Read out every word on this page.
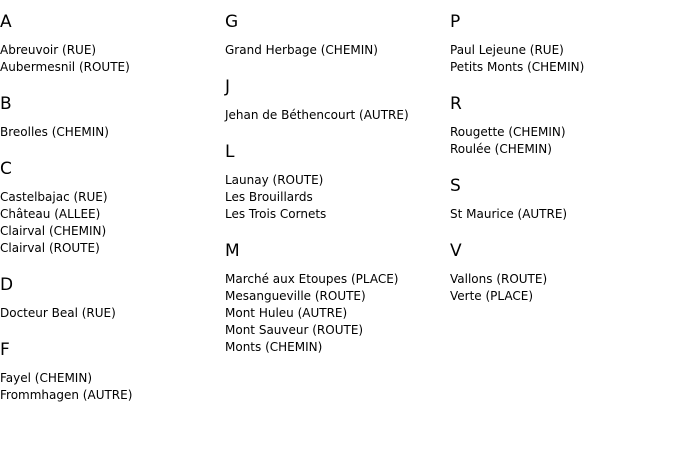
A
Abreuvoir (RUE)
Aubermesnil (ROUTE)
B
Breolles (CHEMIN)
C
Castelbajac (RUE)
Château (ALLEE)
Clairval (CHEMIN)
Clairval (ROUTE)
D
Docteur Beal (RUE)
F
Fayel (CHEMIN)
Frommhagen (AUTRE)
G
Grand Herbage (CHEMIN)
J
Jehan de Béthencourt (AUTRE)
L
Launay (ROUTE)
Les Brouillards
Les Trois Cornets
M
Marché aux Etoupes (PLACE)
Mesangueville (ROUTE)
Mont Huleu (AUTRE)
Mont Sauveur (ROUTE)
Monts (CHEMIN)
P
Paul Lejeune (RUE)
Petits Monts (CHEMIN)
R
Rougette (CHEMIN)
Roulée (CHEMIN)
S
St Maurice (AUTRE)
V
Vallons (ROUTE)
Verte (PLACE)
